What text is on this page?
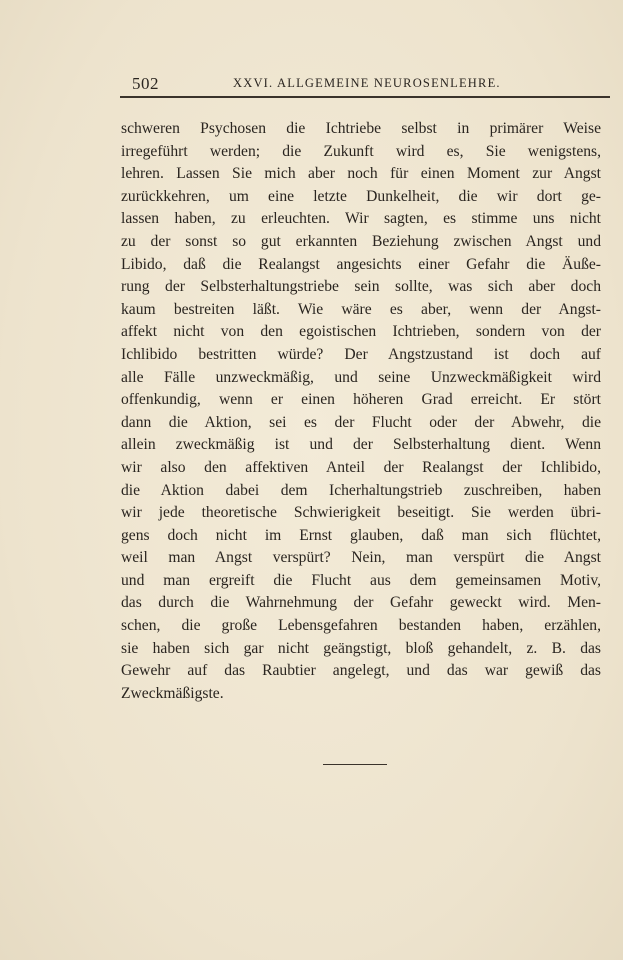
502	XXVI. ALLGEMEINE NEUROSENLEHRE.
schweren Psychosen die Ichtriebe selbst in primärer Weise
irregeführt werden; die Zukunft wird es, Sie wenigstens,
lehren. Lassen Sie mich aber noch für einen Moment zur Angst
zurückkehren, um eine letzte Dunkelheit, die wir dort ge-
lassen haben, zu erleuchten. Wir sagten, es stimme uns nicht
zu der sonst so gut erkannten Beziehung zwischen Angst und
Libido, daß die Realangst angesichts einer Gefahr die Äuße-
rung der Selbsterhaltungstriebe sein sollte, was sich aber doch
kaum bestreiten läßt. Wie wäre es aber, wenn der Angst-
affekt nicht von den egoistischen Ichtrieben, sondern von der
Ichlibido bestritten würde? Der Angstzustand ist doch auf
alle Fälle unzweckmäßig, und seine Unzweckmäßigkeit wird
offenkundig, wenn er einen höheren Grad erreicht. Er stört
dann die Aktion, sei es der Flucht oder der Abwehr, die
allein zweckmäßig ist und der Selbsterhaltung dient. Wenn
wir also den affektiven Anteil der Realangst der Ichlibido,
die Aktion dabei dem Icherhaltungstrieb zuschreiben, haben
wir jede theoretische Schwierigkeit beseitigt. Sie werden übri-
gens doch nicht im Ernst glauben, daß man sich flüchtet,
weil man Angst verspürt? Nein, man verspürt die Angst
und man ergreift die Flucht aus dem gemeinsamen Motiv,
das durch die Wahrnehmung der Gefahr geweckt wird. Men-
schen, die große Lebensgefahren bestanden haben, erzählen,
sie haben sich gar nicht geängstigt, bloß gehandelt, z. B. das
Gewehr auf das Raubtier angelegt, und das war gewiß das
Zweckmäßigste.
